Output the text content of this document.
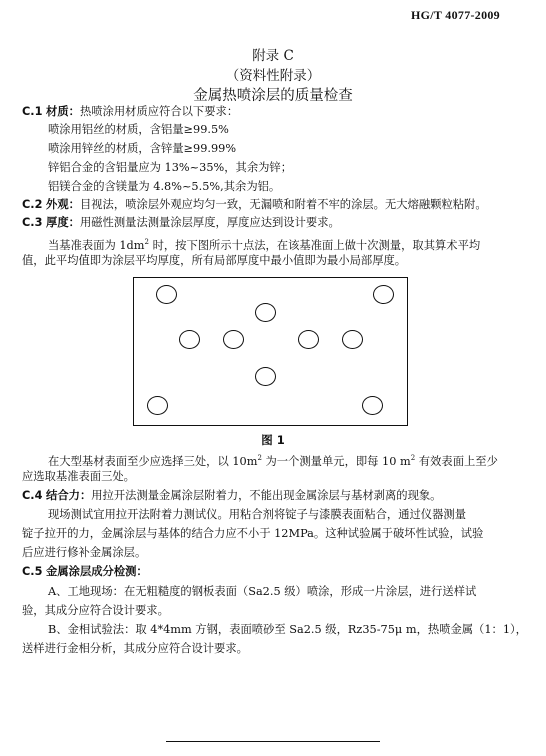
HG/T 4077-2009
附录 C
（资料性附录）
金属热喷涂层的质量检查
C.1 材质：热喷涂用材质应符合以下要求：
喷涂用铝丝的材质，含铝量≥99.5%
喷涂用锌丝的材质，含锌量≥99.99%
锌铝合金的含铝量应为 13%~35%，其余为锌；
铝镁合金的含镁量为 4.8%~5.5%,其余为铝。
C.2 外观：目视法，喷涂层外观应均匀一致，无漏喷和附着不牢的涂层。无大熔融颗粒粘附。
C.3 厚度：用磁性测量法测量涂层厚度，厚度应达到设计要求。
当基准表面为 $1dm^2$ 时，按下图所示十点法，在该基准面上做十次测量，取其算术平均
值，此平均值即为涂层平均厚度，所有局部厚度中最小值即为最小局部厚度。
图 1
在大型基材表面至少应选择三处，以 $10m^2$ 为一个测量单元，即每 10 $m^2$ 有效表面上至少
应选取基准表面三处。
C.4 结合力：用拉开法测量金属涂层附着力，不能出现金属涂层与基材剥离的现象。
现场测试宜用拉开法附着力测试仪。用粘合剂将锭子与漆膜表面粘合，通过仪器测量
锭子拉开的力，金属涂层与基体的结合力应不小于 12MPa。这种试验属于破坏性试验，试验
后应进行修补金属涂层。
C.5 金属涂层成分检测：
A、工地现场：在无粗糙度的钢板表面（Sa2.5 级）喷涂，形成一片涂层，进行送样试
验，其成分应符合设计要求。
B、金相试验法：取 4*4mm 方钢，表面喷砂至 Sa2.5 级，Rz35-75μ m，热喷金属（1：1），
送样进行金相分析，其成分应符合设计要求。
